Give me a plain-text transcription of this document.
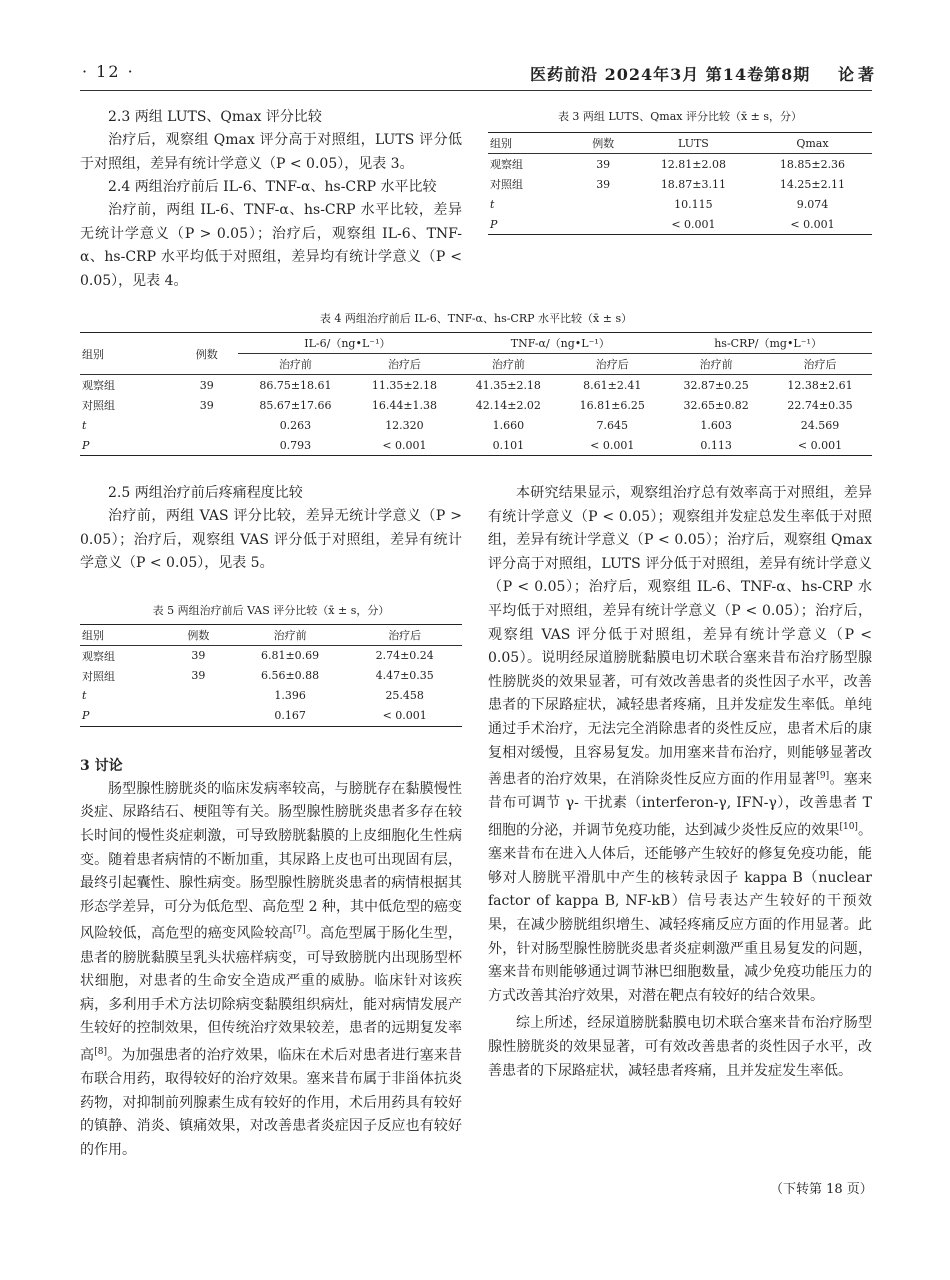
· 12 ·	医药前沿 2024年3月 第14卷第8期 论著

2.3 两组 LUTS、Qmax 评分比较

治疗后，观察组 Qmax 评分高于对照组，LUTS 评分低于对照组，差异有统计学意义（P < 0.05），见表 3。

2.4 两组治疗前后 IL-6、TNF-α、hs-CRP 水平比较

治疗前，两组 IL-6、TNF-α、hs-CRP 水平比较，差异无统计学意义（P > 0.05）；治疗后，观察组 IL-6、TNF-α、hs-CRP 水平均低于对照组，差异均有统计学意义（P < 0.05），见表 4。

表 3 两组 LUTS、Qmax 评分比较（x̄ ± s，分）
组别	例数	LUTS	Qmax
观察组	39	12.81±2.08	18.85±2.36
对照组	39	18.87±3.11	14.25±2.11
t		10.115	9.074
P		< 0.001	< 0.001
表 4 两组治疗前后 IL-6、TNF-α、hs-CRP 水平比较（x̄ ± s）
组别	例数	IL-6/（ng•L⁻¹）		TNF-α/（ng•L⁻¹）		hs-CRP/（mg•L⁻¹）	
		治疗前	治疗后	治疗前	治疗后	治疗前	治疗后
观察组	39	86.75±18.61	11.35±2.18	41.35±2.18	8.61±2.41	32.87±0.25	12.38±2.61
对照组	39	85.67±17.66	16.44±1.38	42.14±2.02	16.81±6.25	32.65±0.82	22.74±0.35
t		0.263	12.320	1.660	7.645	1.603	24.569
P		0.793	< 0.001	0.101	< 0.001	0.113	< 0.001

2.5 两组治疗前后疼痛程度比较

治疗前，两组 VAS 评分比较，差异无统计学意义（P > 0.05）；治疗后，观察组 VAS 评分低于对照组，差异有统计学意义（P < 0.05），见表 5。

表 5 两组治疗前后 VAS 评分比较（x̄ ± s，分）
组别	例数	治疗前	治疗后
观察组	39	6.81±0.69	2.74±0.24
对照组	39	6.56±0.88	4.47±0.35
t		1.396	25.458
P		0.167	< 0.001

3 讨论

肠型腺性膀胱炎的临床发病率较高，与膀胱存在黏膜慢性炎症、尿路结石、梗阻等有关。肠型腺性膀胱炎患者多存在较长时间的慢性炎症刺激，可导致膀胱黏膜的上皮细胞化生性病变。随着患者病情的不断加重，其尿路上皮也可出现固有层，最终引起囊性、腺性病变。肠型腺性膀胱炎患者的病情根据其形态学差异，可分为低危型、高危型 2 种，其中低危型的癌变风险较低，高危型的癌变风险较高[7]。高危型属于肠化生型，患者的膀胱黏膜呈乳头状癌样病变，可导致膀胱内出现肠型杯状细胞，对患者的生命安全造成严重的威胁。临床针对该疾病，多利用手术方法切除病变黏膜组织病灶，能对病情发展产生较好的控制效果，但传统治疗效果较差，患者的远期复发率高[8]。为加强患者的治疗效果，临床在术后对患者进行塞来昔布联合用药，取得较好的治疗效果。塞来昔布属于非甾体抗炎药物，对抑制前列腺素生成有较好的作用，术后用药具有较好的镇静、消炎、镇痛效果，对改善患者炎症因子反应也有较好的作用。

本研究结果显示，观察组治疗总有效率高于对照组，差异有统计学意义（P < 0.05）；观察组并发症总发生率低于对照组，差异有统计学意义（P < 0.05）；治疗后，观察组 Qmax 评分高于对照组，LUTS 评分低于对照组，差异有统计学意义（P < 0.05）；治疗后，观察组 IL-6、TNF-α、hs-CRP 水平均低于对照组，差异有统计学意义（P < 0.05）；治疗后，观察组 VAS 评分低于对照组，差异有统计学意义（P < 0.05）。说明经尿道膀胱黏膜电切术联合塞来昔布治疗肠型腺性膀胱炎的效果显著，可有效改善患者的炎性因子水平，改善患者的下尿路症状，减轻患者疼痛，且并发症发生率低。单纯通过手术治疗，无法完全消除患者的炎性反应，患者术后的康复相对缓慢，且容易复发。加用塞来昔布治疗，则能够显著改善患者的治疗效果，在消除炎性反应方面的作用显著[9]。塞来昔布可调节 γ- 干扰素（interferon-γ, IFN-γ），改善患者 T 细胞的分泌，并调节免疫功能，达到减少炎性反应的效果[10]。塞来昔布在进入人体后，还能够产生较好的修复免疫功能，能够对人膀胱平滑肌中产生的核转录因子 kappa B（nuclear factor of kappa B, NF-kB）信号表达产生较好的干预效果，在减少膀胱组织增生、减轻疼痛反应方面的作用显著。此外，针对肠型腺性膀胱炎患者炎症刺激严重且易复发的问题，塞来昔布则能够通过调节淋巴细胞数量，减少免疫功能压力的方式改善其治疗效果，对潜在靶点有较好的结合效果。

综上所述，经尿道膀胱黏膜电切术联合塞来昔布治疗肠型腺性膀胱炎的效果显著，可有效改善患者的炎性因子水平，改善患者的下尿路症状，减轻患者疼痛，且并发症发生率低。

（下转第 18 页）
